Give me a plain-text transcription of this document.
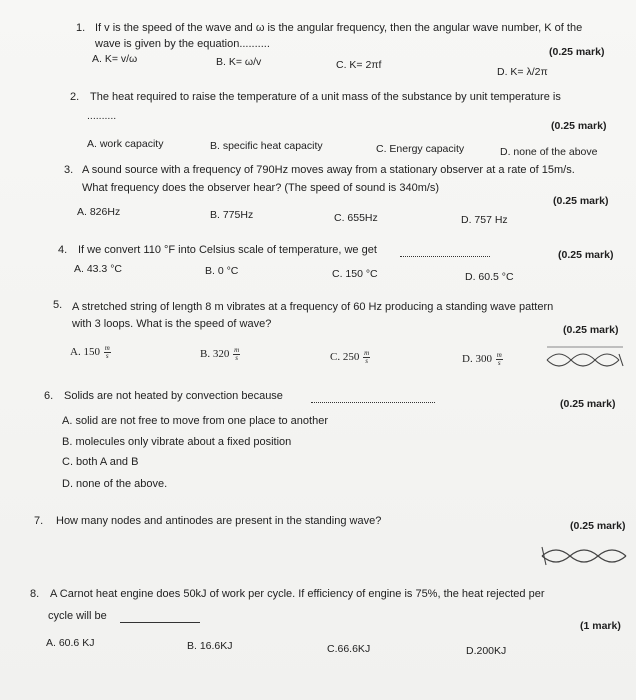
1. If v is the speed of the wave and ω is the angular frequency, then the angular wave number, K of the
wave is given by the equation..........
(0.25 mark)
A. K= v/ω	B. K= ω/v	C. K= 2πf
D. K= λ/2π
2. The heat required to raise the temperature of a unit mass of the substance by unit temperature is
..........
(0.25 mark)
A. work capacity	B. specific heat capacity	C. Energy capacity	D. none of the above
3. A sound source with a frequency of 790Hz moves away from a stationary observer at a rate of 15m/s.
What frequency does the observer hear? (The speed of sound is 340m/s)
(0.25 mark)
A. 826Hz	B. 775Hz	C. 655Hz	D. 757 Hz
4. If we convert 110 °F into Celsius scale of temperature, we get	(0.25 mark)
A. 43.3 °C	B. 0 °C	C. 150 °C	D. 60.5 °C
5. A stretched string of length 8 m vibrates at a frequency of 60 Hz producing a standing wave pattern
with 3 loops. What is the speed of wave?	(0.25 mark)
A. $150 \frac{m}{s}$	B. $320 \frac{m}{s}$	C. $250 \frac{m}{s}$	D. $300 \frac{m}{s}$
6. Solids are not heated by convection because
(0.25 mark)
A. solid are not free to move from one place to another
B. molecules only vibrate about a fixed position
C. both A and B
D. none of the above.
7. How many nodes and antinodes are present in the standing wave?	(0.25 mark)
8. A Carnot heat engine does 50kJ of work per cycle. If efficiency of engine is 75%, the heat rejected per
cycle will be
(1 mark)
A. 60.6 KJ	B. 16.6KJ	C.66.6KJ	D.200KJ
